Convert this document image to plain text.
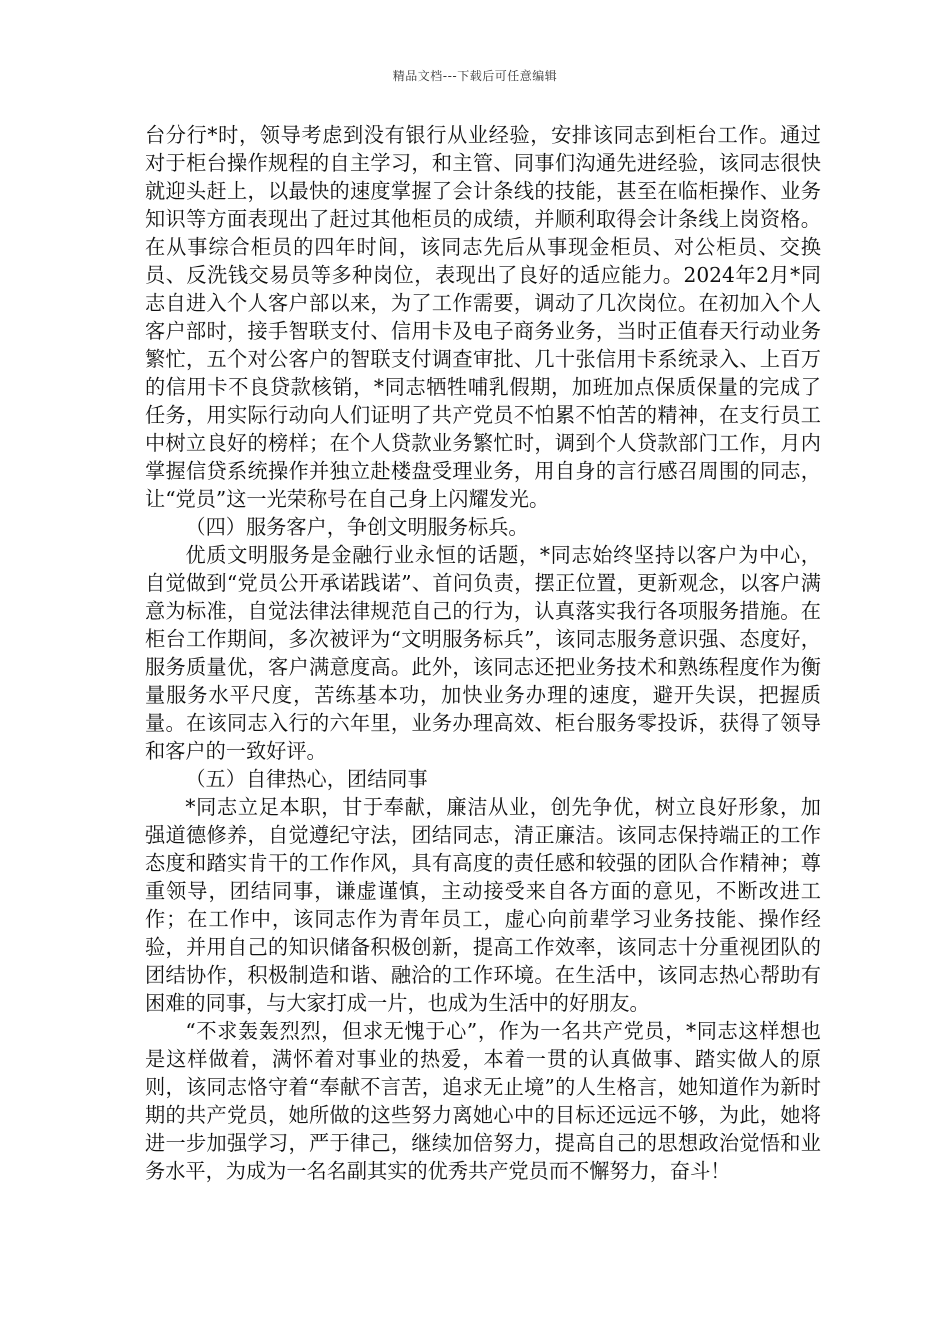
精品文档---下载后可任意编辑

台分行*时，领导考虑到没有银行从业经验，安排该同志到柜台工作。通过对于柜台操作规程的自主学习，和主管、同事们沟通先进经验，该同志很快就迎头赶上，以最快的速度掌握了会计条线的技能，甚至在临柜操作、业务知识等方面表现出了赶过其他柜员的成绩，并顺利取得会计条线上岗资格。在从事综合柜员的四年时间，该同志先后从事现金柜员、对公柜员、交换员、反洗钱交易员等多种岗位，表现出了良好的适应能力。2024年2月*同志自进入个人客户部以来，为了工作需要，调动了几次岗位。在初加入个人客户部时，接手智联支付、信用卡及电子商务业务，当时正值春天行动业务繁忙，五个对公客户的智联支付调查审批、几十张信用卡系统录入、上百万的信用卡不良贷款核销，*同志牺牲哺乳假期，加班加点保质保量的完成了任务，用实际行动向人们证明了共产党员不怕累不怕苦的精神，在支行员工中树立良好的榜样；在个人贷款业务繁忙时，调到个人贷款部门工作，月内掌握信贷系统操作并独立赴楼盘受理业务，用自身的言行感召周围的同志，让“党员”这一光荣称号在自己身上闪耀发光。

（四）服务客户，争创文明服务标兵。

优质文明服务是金融行业永恒的话题，*同志始终坚持以客户为中心，自觉做到“党员公开承诺践诺”、首问负责，摆正位置，更新观念，以客户满意为标准，自觉法律法律规范自己的行为，认真落实我行各项服务措施。在柜台工作期间，多次被评为“文明服务标兵”，该同志服务意识强、态度好，服务质量优，客户满意度高。此外，该同志还把业务技术和熟练程度作为衡量服务水平尺度，苦练基本功，加快业务办理的速度，避开失误，把握质量。在该同志入行的六年里，业务办理高效、柜台服务零投诉，获得了领导和客户的一致好评。

（五）自律热心，团结同事

*同志立足本职，甘于奉献，廉洁从业，创先争优，树立良好形象，加强道德修养，自觉遵纪守法，团结同志，清正廉洁。该同志保持端正的工作态度和踏实肯干的工作作风，具有高度的责任感和较强的团队合作精神；尊重领导，团结同事，谦虚谨慎，主动接受来自各方面的意见，不断改进工作；在工作中，该同志作为青年员工，虚心向前辈学习业务技能、操作经验，并用自己的知识储备积极创新，提高工作效率，该同志十分重视团队的团结协作，积极制造和谐、融洽的工作环境。在生活中，该同志热心帮助有困难的同事，与大家打成一片，也成为生活中的好朋友。

“不求轰轰烈烈，但求无愧于心”，作为一名共产党员，*同志这样想也是这样做着，满怀着对事业的热爱，本着一贯的认真做事、踏实做人的原则，该同志恪守着“奉献不言苦，追求无止境”的人生格言，她知道作为新时期的共产党员，她所做的这些努力离她心中的目标还远远不够，为此，她将进一步加强学习，严于律己，继续加倍努力，提高自己的思想政治觉悟和业务水平，为成为一名名副其实的优秀共产党员而不懈努力，奋斗！
